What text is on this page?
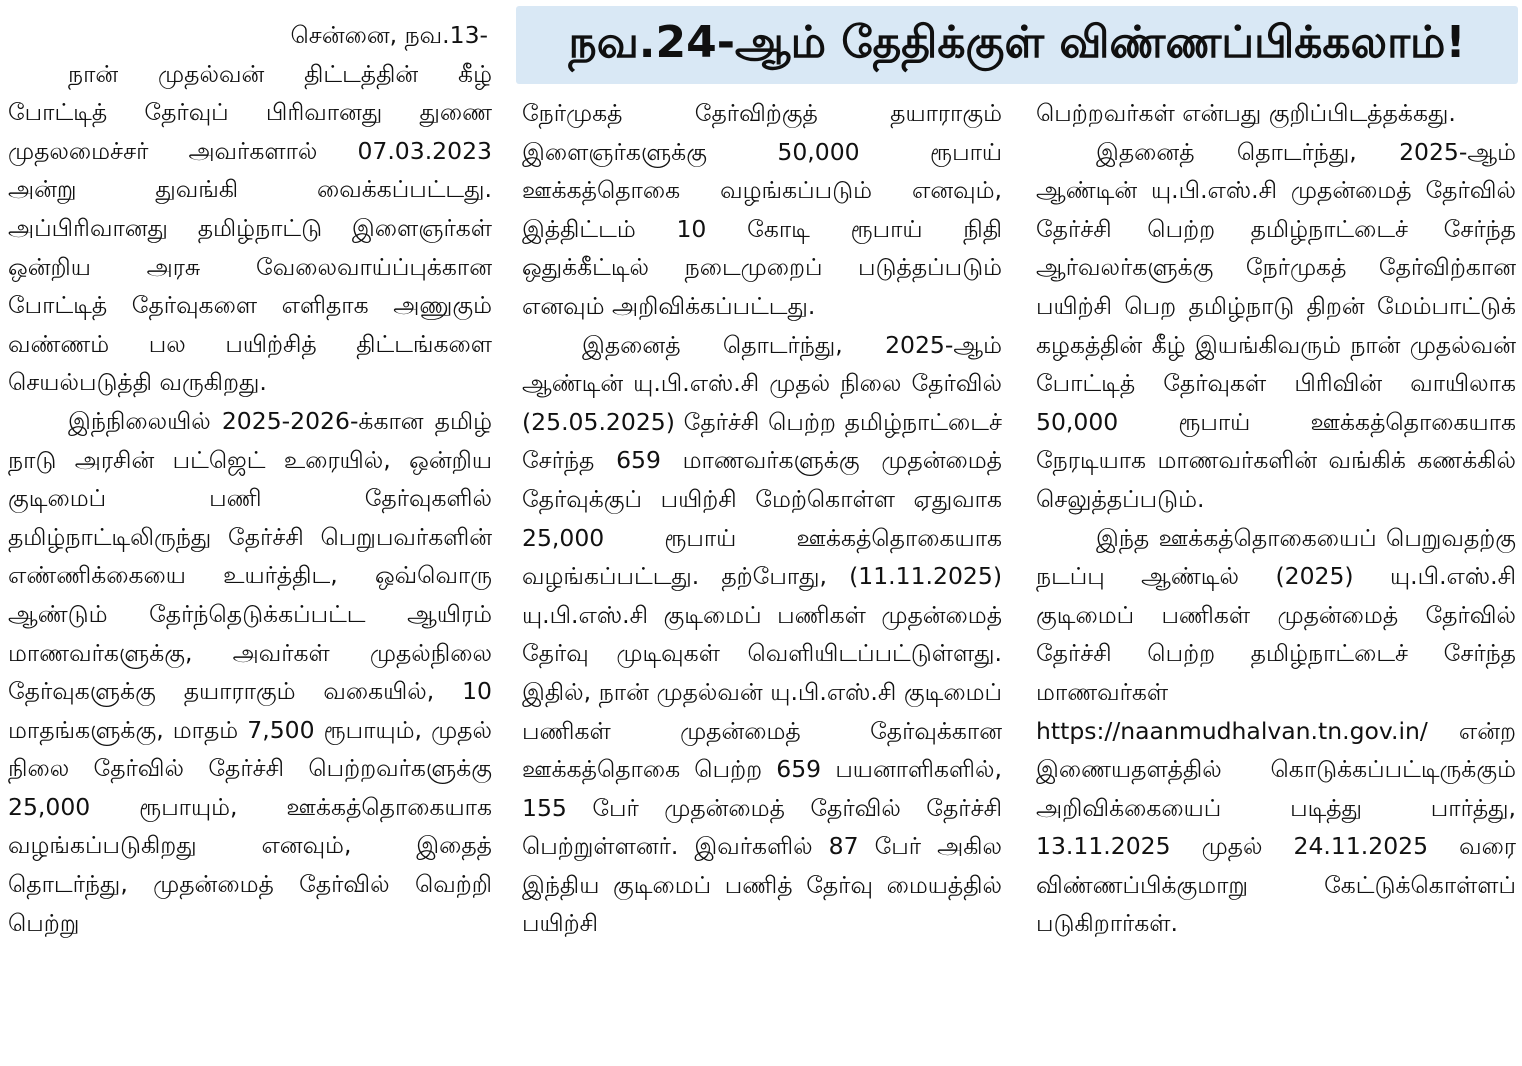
நவ.24-ஆம் தேதிக்குள் விண்ணப்பிக்கலாம்!

சென்னை, நவ.13-

நான் முதல்வன் திட்டத்தின் கீழ் போட்டித் தேர்வுப் பிரிவானது துணை முதலமைச்சர் அவர்களால் 07.03.2023 அன்று துவங்கி வைக்கப்பட்டது. அப்பிரிவானது தமிழ்நாட்டு இளைஞர்கள் ஒன்றிய அரசு வேலைவாய்ப்புக்கான போட்டித் தேர்வுகளை எளிதாக அணுகும் வண்ணம் பல பயிற்சித் திட்டங்களை செயல்படுத்தி வருகிறது.

இந்நிலையில் 2025-2026-க்கான தமிழ் நாடு அரசின் பட்ஜெட் உரையில், ஒன்றிய குடிமைப் பணி தேர்வுகளில் தமிழ்நாட்டிலிருந்து தேர்ச்சி பெறுபவர்களின் எண்ணிக்கையை உயர்த்திட, ஒவ்வொரு ஆண்டும் தேர்ந்தெடுக்கப்பட்ட ஆயிரம் மாணவர்களுக்கு, அவர்கள் முதல்நிலை தேர்வுகளுக்கு தயாராகும் வகையில், 10 மாதங்களுக்கு, மாதம் 7,500 ரூபாயும், முதல் நிலை தேர்வில் தேர்ச்சி பெற்றவர்களுக்கு 25,000 ரூபாயும், ஊக்கத்தொகையாக வழங்கப்படுகிறது எனவும், இதைத் தொடர்ந்து, முதன்மைத் தேர்வில் வெற்றி பெற்று

நேர்முகத் தேர்விற்குத் தயாராகும் இளைஞர்களுக்கு 50,000 ரூபாய் ஊக்கத்தொகை வழங்கப்படும் எனவும், இத்திட்டம் 10 கோடி ரூபாய் நிதி ஒதுக்கீட்டில் நடைமுறைப் படுத்தப்படும் எனவும் அறிவிக்கப்பட்டது.

இதனைத் தொடர்ந்து, 2025-ஆம் ஆண்டின் யு.பி.எஸ்.சி முதல் நிலை தேர்வில் (25.05.2025) தேர்ச்சி பெற்ற தமிழ்நாட்டைச் சேர்ந்த 659 மாணவர்களுக்கு முதன்மைத் தேர்வுக்குப் பயிற்சி மேற்கொள்ள ஏதுவாக 25,000 ரூபாய் ஊக்கத்தொகையாக வழங்கப்பட்டது. தற்போது, (11.11.2025) யு.பி.எஸ்.சி குடிமைப் பணிகள் முதன்மைத் தேர்வு முடிவுகள் வெளியிடப்பட்டுள்ளது. இதில், நான் முதல்வன் யு.பி.எஸ்.சி குடிமைப் பணிகள் முதன்மைத் தேர்வுக்கான ஊக்கத்தொகை பெற்ற 659 பயனாளிகளில், 155 பேர் முதன்மைத் தேர்வில் தேர்ச்சி பெற்றுள்ளனர். இவர்களில் 87 பேர் அகில இந்திய குடிமைப் பணித் தேர்வு மையத்தில் பயிற்சி

பெற்றவர்கள் என்பது குறிப்பிடத்தக்கது.

இதனைத் தொடர்ந்து, 2025-ஆம் ஆண்டின் யு.பி.எஸ்.சி முதன்மைத் தேர்வில் தேர்ச்சி பெற்ற தமிழ்நாட்டைச் சேர்ந்த ஆர்வலர்களுக்கு நேர்முகத் தேர்விற்கான பயிற்சி பெற தமிழ்நாடு திறன் மேம்பாட்டுக் கழகத்தின் கீழ் இயங்கிவரும் நான் முதல்வன் போட்டித் தேர்வுகள் பிரிவின் வாயிலாக 50,000 ரூபாய் ஊக்கத்தொகையாக நேரடியாக மாணவர்களின் வங்கிக் கணக்கில் செலுத்தப்படும்.

இந்த ஊக்கத்தொகையைப் பெறுவதற்கு நடப்பு ஆண்டில் (2025) யு.பி.எஸ்.சி குடிமைப் பணிகள் முதன்மைத் தேர்வில் தேர்ச்சி பெற்ற தமிழ்நாட்டைச் சேர்ந்த மாணவர்கள் https://naanmudhalvan.tn.gov.in/ என்ற இணையதளத்தில் கொடுக்கப்பட்டிருக்கும் அறிவிக்கையைப் படித்து பார்த்து, 13.11.2025 முதல் 24.11.2025 வரை விண்ணப்பிக்குமாறு கேட்டுக்கொள்ளப் படுகிறார்கள்.
